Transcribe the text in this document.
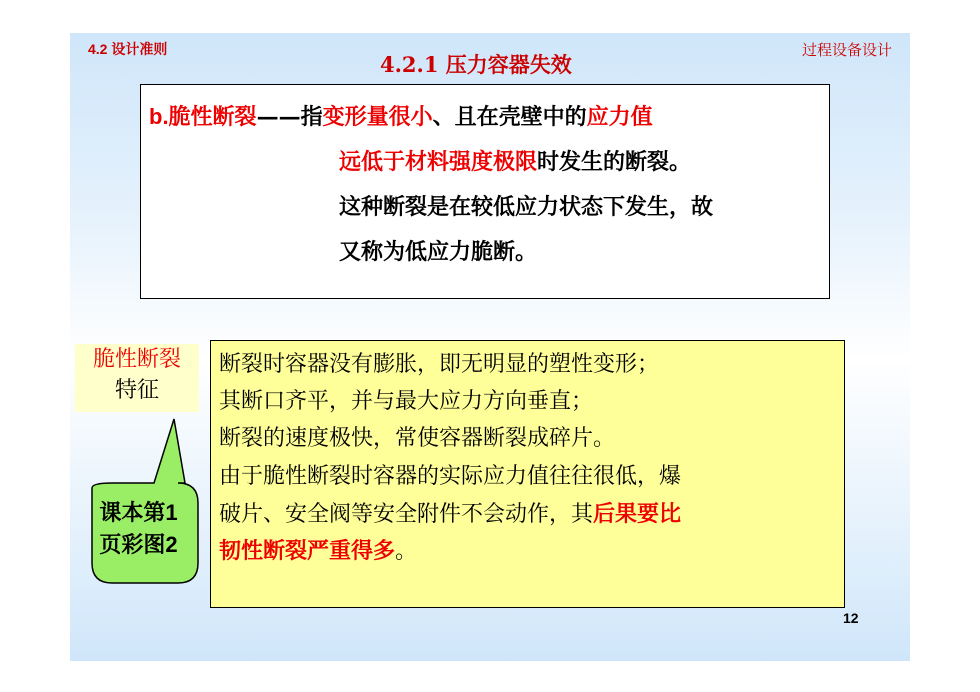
4.2 设计准则	过程设备设计
4.2.1 压力容器失效
b.脆性断裂——指变形量很小、且在壳壁中的应力值
远低于材料强度极限时发生的断裂。
这种断裂是在较低应力状态下发生，故
又称为低应力脆断。
脆性断裂
特征
课本第1
页彩图2
断裂时容器没有膨胀，即无明显的塑性变形；
其断口齐平，并与最大应力方向垂直；
断裂的速度极快，常使容器断裂成碎片。
由于脆性断裂时容器的实际应力值往往很低，爆
破片、安全阀等安全附件不会动作，其后果要比
韧性断裂严重得多。
12
